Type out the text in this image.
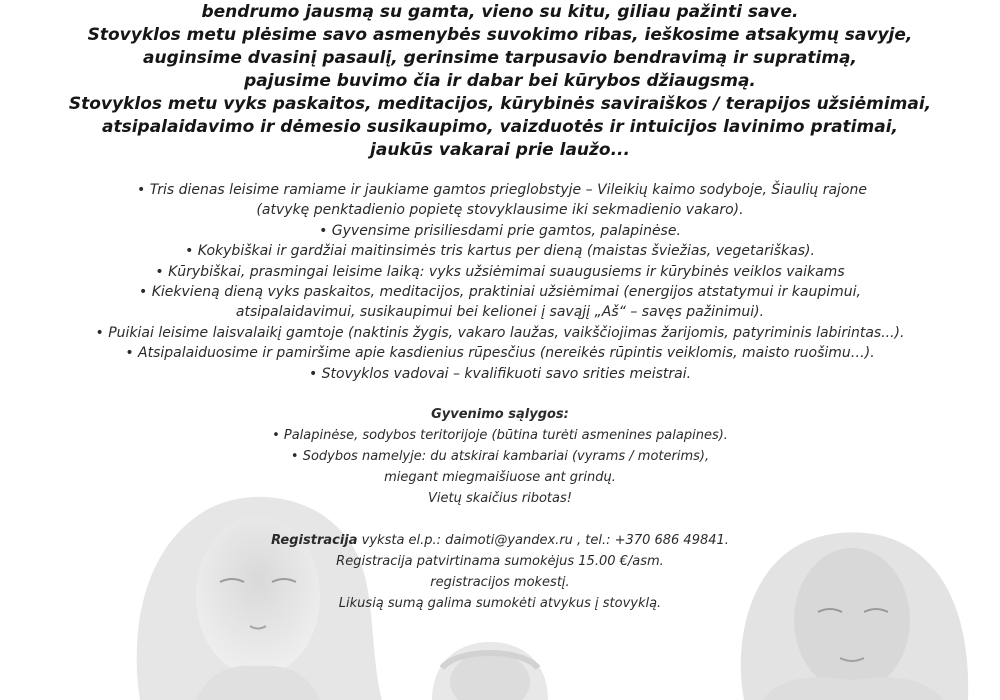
bendrumo jausmą su gamta, vieno su kitu, giliau pažinti save.
Stovyklos metu plėsime savo asmenybės suvokimo ribas, ieškosime atsakymų savyje,
auginsime dvasinį pasaulį, gerinsime tarpusavio bendravimą ir supratimą,
pajusime buvimo čia ir dabar bei kūrybos džiaugsmą.
Stovyklos metu vyks paskaitos, meditacijos, kūrybinės saviraiškos / terapijos užsiėmimai,
atsipalaidavimo ir dėmesio susikaupimo, vaizduotės ir intuicijos lavinimo pratimai,
jaukūs vakarai prie laužo...
• Tris dienas leisime ramiame ir jaukiame gamtos prieglobstyje – Vileikių kaimo sodyboje, Šiaulių rajone
(atvykę penktadienio popietę stovyklausime iki sekmadienio vakaro).
• Gyvensime prisiliesdami prie gamtos, palapinėse.
• Kokybiškai ir gardžiai maitinsimės tris kartus per dieną (maistas šviežias, vegetariškas).
• Kūrybiškai, prasmingai leisime laiką: vyks užsiėmimai suaugusiems ir kūrybinės veiklos vaikams
• Kiekvieną dieną vyks paskaitos, meditacijos, praktiniai užsiėmimai (energijos atstatymui ir kaupimui,
atsipalaidavimui, susikaupimui bei kelionei į savąjį „Aš“ – savęs pažinimui).
• Puikiai leisime laisvalaikį gamtoje (naktinis žygis, vakaro laužas, vaikščiojimas žarijomis, patyriminis labirintas...).
• Atsipalaiduosime ir pamiršime apie kasdienius rūpesčius (nereikės rūpintis veiklomis, maisto ruošimu…).
• Stovyklos vadovai – kvalifikuoti savo srities meistrai.
Gyvenimo sąlygos:
• Palapinėse, sodybos teritorijoje (būtina turėti asmenines palapines).
• Sodybos namelyje: du atskirai kambariai (vyrams / moterims),
miegant miegmaišiuose ant grindų.
Vietų skaičius ribotas!
Registracija vyksta el.p.: daimoti@yandex.ru , tel.: +370 686 49841.
Registracija patvirtinama sumokėjus 15.00 €/asm.
registracijos mokestį.
Likusią sumą galima sumokėti atvykus į stovyklą.
